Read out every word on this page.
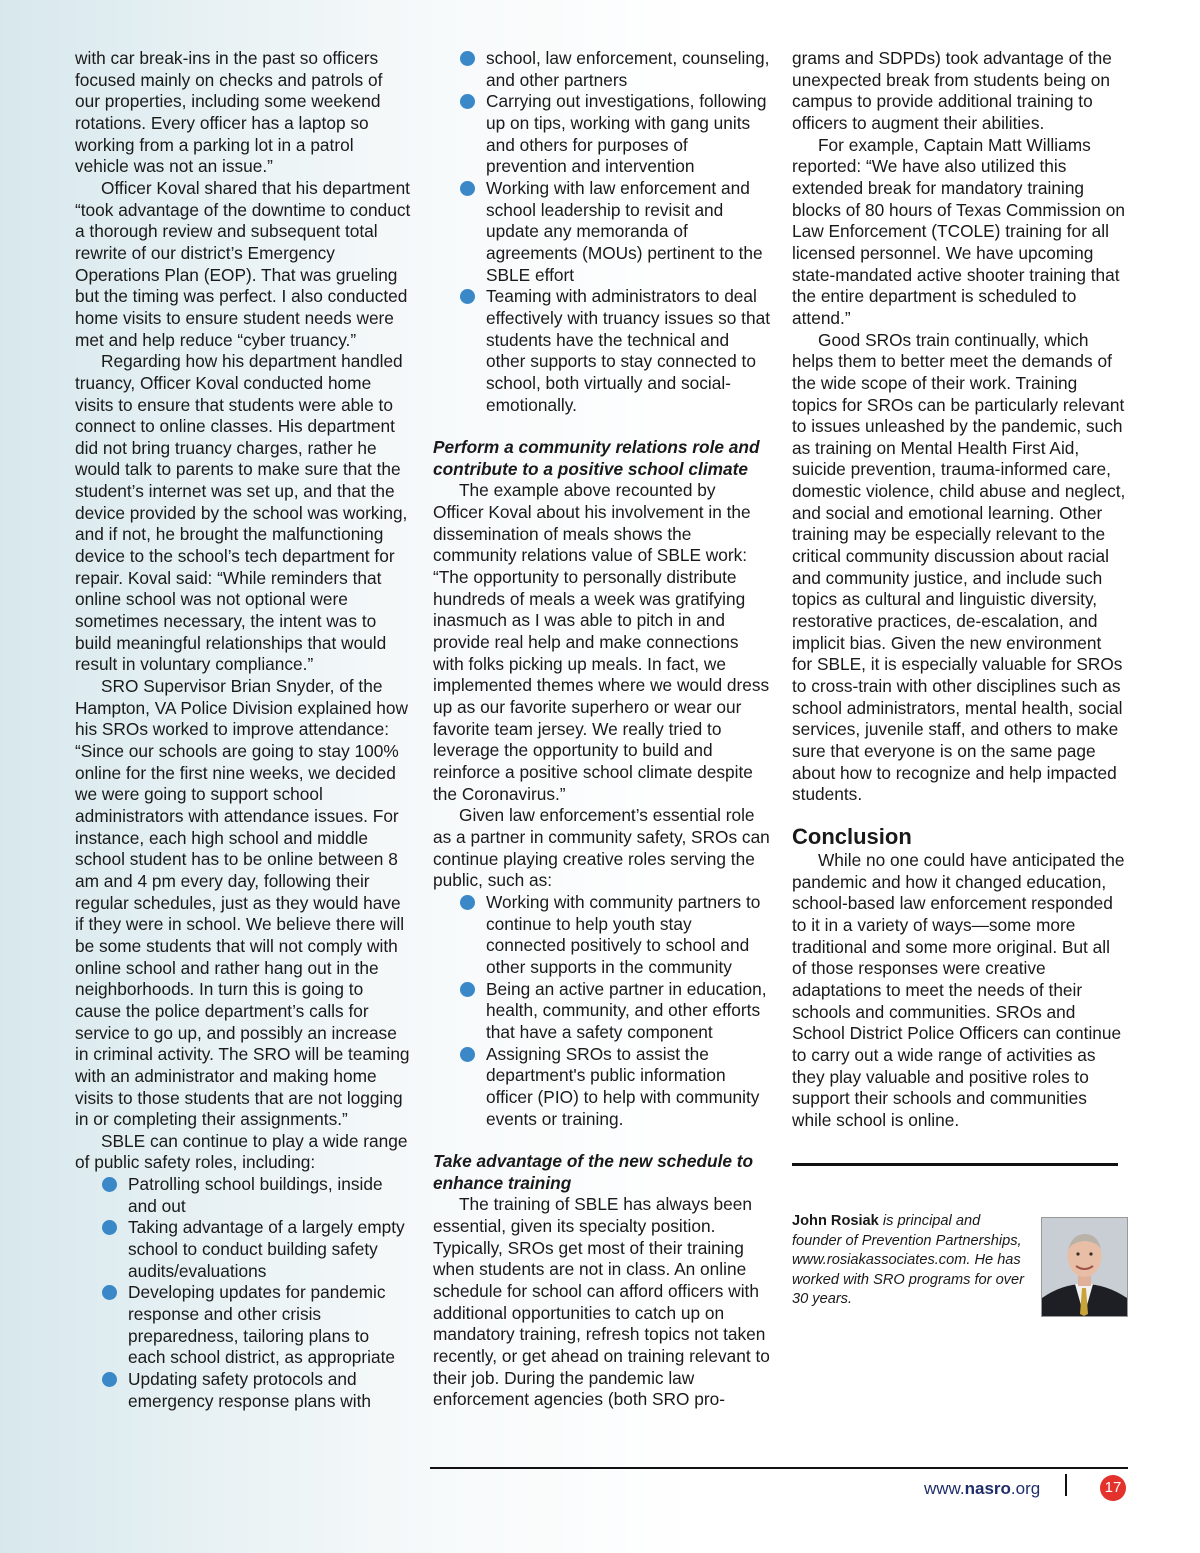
with car break-ins in the past so officers focused mainly on checks and patrols of our properties, including some weekend rotations. Every officer has a laptop so working from a parking lot in a patrol vehicle was not an issue.”

Officer Koval shared that his department “took advantage of the downtime to conduct a thorough review and subsequent total rewrite of our district’s Emergency Operations Plan (EOP). That was grueling but the timing was perfect. I also conducted home visits to ensure student needs were met and help reduce “cyber truancy.”

Regarding how his department handled truancy, Officer Koval conducted home visits to ensure that students were able to connect to online classes. His department did not bring truancy charges, rather he would talk to parents to make sure that the student’s internet was set up, and that the device provided by the school was working, and if not, he brought the malfunctioning device to the school’s tech department for repair. Koval said: “While reminders that online school was not optional were sometimes necessary, the intent was to build meaningful relationships that would result in voluntary compliance.”

SRO Supervisor Brian Snyder, of the Hampton, VA Police Division explained how his SROs worked to improve attendance: “Since our schools are going to stay 100% online for the first nine weeks, we decided we were going to support school administrators with attendance issues. For instance, each high school and middle school student has to be online between 8 am and 4 pm every day, following their regular schedules, just as they would have if they were in school. We believe there will be some students that will not comply with online school and rather hang out in the neighborhoods. In turn this is going to cause the police department’s calls for service to go up, and possibly an increase in criminal activity. The SRO will be teaming with an administrator and making home visits to those students that are not logging in or completing their assignments.”

SBLE can continue to play a wide range of public safety roles, including:

Patrolling school buildings, inside and out
Taking advantage of a largely empty school to conduct building safety audits/evaluations
Developing updates for pandemic response and other crisis preparedness, tailoring plans to each school district, as appropriate
Updating safety protocols and emergency response plans with
school, law enforcement, counseling, and other partners
Carrying out investigations, following up on tips, working with gang units and others for purposes of prevention and intervention
Working with law enforcement and school leadership to revisit and update any memoranda of agreements (MOUs) pertinent to the SBLE effort
Teaming with administrators to deal effectively with truancy issues so that students have the technical and other supports to stay connected to school, both virtually and social-emotionally.
Perform a community relations role and contribute to a positive school climate

The example above recounted by Officer Koval about his involvement in the dissemination of meals shows the community relations value of SBLE work: “The opportunity to personally distribute hundreds of meals a week was gratifying inasmuch as I was able to pitch in and provide real help and make connections with folks picking up meals. In fact, we implemented themes where we would dress up as our favorite superhero or wear our favorite team jersey. We really tried to leverage the opportunity to build and reinforce a positive school climate despite the Coronavirus.”

Given law enforcement’s essential role as a partner in community safety, SROs can continue playing creative roles serving the public, such as:

Working with community partners to continue to help youth stay connected positively to school and other supports in the community
Being an active partner in education, health, community, and other efforts that have a safety component
Assigning SROs to assist the department's public information officer (PIO) to help with community events or training.
Take advantage of the new schedule to enhance training

The training of SBLE has always been essential, given its specialty position. Typically, SROs get most of their training when students are not in class. An online schedule for school can afford officers with additional opportunities to catch up on mandatory training, refresh topics not taken recently, or get ahead on training relevant to their job. During the pandemic law enforcement agencies (both SRO pro-

grams and SDPDs) took advantage of the unexpected break from students being on campus to provide additional training to officers to augment their abilities.

For example, Captain Matt Williams reported: “We have also utilized this extended break for mandatory training blocks of 80 hours of Texas Commission on Law Enforcement (TCOLE) training for all licensed personnel. We have upcoming state-mandated active shooter training that the entire department is scheduled to attend.”

Good SROs train continually, which helps them to better meet the demands of the wide scope of their work. Training topics for SROs can be particularly relevant to issues unleashed by the pandemic, such as training on Mental Health First Aid, suicide prevention, trauma-informed care, domestic violence, child abuse and neglect, and social and emotional learning. Other training may be especially relevant to the critical community discussion about racial and community justice, and include such topics as cultural and linguistic diversity, restorative practices, de-escalation, and implicit bias. Given the new environment for SBLE, it is especially valuable for SROs to cross-train with other disciplines such as school administrators, mental health, social services, juvenile staff, and others to make sure that everyone is on the same page about how to recognize and help impacted students.

Conclusion

While no one could have anticipated the pandemic and how it changed education, school-based law enforcement responded to it in a variety of ways—some more traditional and some more original. But all of those responses were creative adaptations to meet the needs of their schools and communities. SROs and School District Police Officers can continue to carry out a wide range of activities as they play valuable and positive roles to support their schools and communities while school is online.

John Rosiak is principal and founder of Prevention Partnerships, www.rosiakassociates.com. He has worked with SRO programs for over 30 years.
www.nasro.org	17
